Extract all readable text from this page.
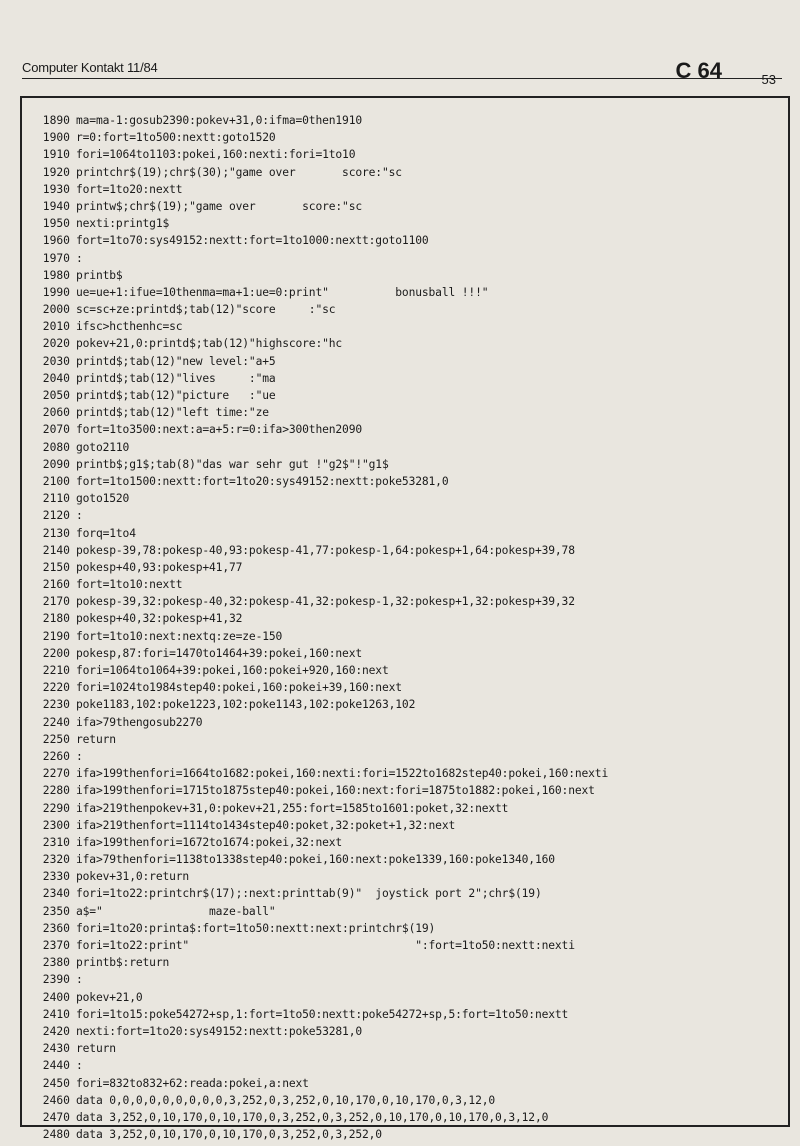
Computer Kontakt 11/84	C 64	53
1890 ma=ma-1:gosub2390:pokev+31,0:ifma=0then1910
1900 r=0:fort=1to500:nextt:goto1520
1910 fori=1064to1103:pokei,160:nexti:fori=1to10
1920 printchr$(19);chr$(30);"game over       score:"sc
1930 fort=1to20:nextt
1940 printw$;chr$(19);"game over       score:"sc
1950 nexti:printg1$
1960 fort=1to70:sys49152:nextt:fort=1to1000:nextt:goto1100
1970 :
1980 printb$
1990 ue=ue+1:ifue=10thenma=ma+1:ue=0:print"          bonusball !!!"
2000 sc=sc+ze:printd$;tab(12)"score     :"sc
2010 ifsc>hcthenhc=sc
2020 pokev+21,0:printd$;tab(12)"highscore:"hc
2030 printd$;tab(12)"new level:"a+5
2040 printd$;tab(12)"lives     :"ma
2050 printd$;tab(12)"picture   :"ue
2060 printd$;tab(12)"left time:"ze
2070 fort=1to3500:next:a=a+5:r=0:ifa>300then2090
2080 goto2110
2090 printb$;g1$;tab(8)"das war sehr gut !"g2$"!"g1$
2100 fort=1to1500:nextt:fort=1to20:sys49152:nextt:poke53281,0
2110 goto1520
2120 :
2130 forq=1to4
2140 pokesp-39,78:pokesp-40,93:pokesp-41,77:pokesp-1,64:pokesp+1,64:pokesp+39,78
2150 pokesp+40,93:pokesp+41,77
2160 fort=1to10:nextt
2170 pokesp-39,32:pokesp-40,32:pokesp-41,32:pokesp-1,32:pokesp+1,32:pokesp+39,32
2180 pokesp+40,32:pokesp+41,32
2190 fort=1to10:next:nextq:ze=ze-150
2200 pokesp,87:fori=1470to1464+39:pokei,160:next
2210 fori=1064to1064+39:pokei,160:pokei+920,160:next
2220 fori=1024to1984step40:pokei,160:pokei+39,160:next
2230 poke1183,102:poke1223,102:poke1143,102:poke1263,102
2240 ifa>79thengosub2270
2250 return
2260 :
2270 ifa>199thenfori=1664to1682:pokei,160:nexti:fori=1522to1682step40:pokei,160:nexti
2280 ifa>199thenfori=1715to1875step40:pokei,160:next:fori=1875to1882:pokei,160:next
2290 ifa>219thenpokev+31,0:pokev+21,255:fort=1585to1601:poket,32:nextt
2300 ifa>219thenfort=1114to1434step40:poket,32:poket+1,32:next
2310 ifa>199thenfori=1672to1674:pokei,32:next
2320 ifa>79thenfori=1138to1338step40:pokei,160:next:poke1339,160:poke1340,160
2330 pokev+31,0:return
2340 fori=1to22:printchr$(17);:next:printtab(9)"  joystick port 2";chr$(19)
2350 a$="                maze-ball"
2360 fori=1to20:printa$:fort=1to50:nextt:next:printchr$(19)
2370 fori=1to22:print"                                  ":fort=1to50:nextt:nexti
2380 printb$:return
2390 :
2400 pokev+21,0
2410 fori=1to15:poke54272+sp,1:fort=1to50:nextt:poke54272+sp,5:fort=1to50:nextt
2420 nexti:fort=1to20:sys49152:nextt:poke53281,0
2430 return
2440 :
2450 fori=832to832+62:reada:pokei,a:next
2460 data 0,0,0,0,0,0,0,0,0,3,252,0,3,252,0,10,170,0,10,170,0,3,12,0
2470 data 3,252,0,10,170,0,10,170,0,3,252,0,3,252,0,10,170,0,10,170,0,3,12,0
2480 data 3,252,0,10,170,0,10,170,0,3,252,0,3,252,0
